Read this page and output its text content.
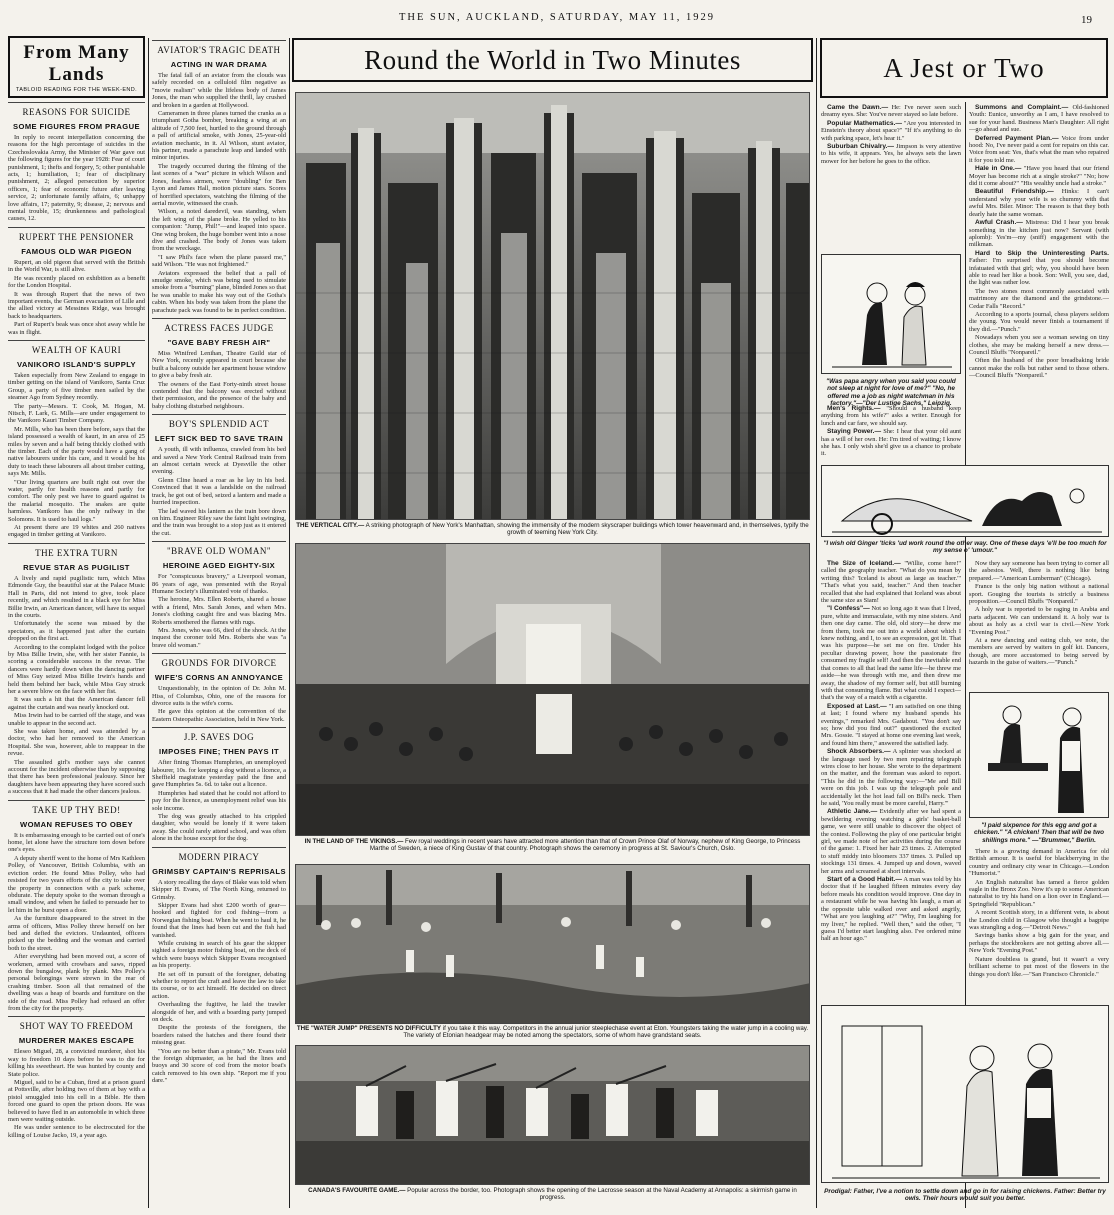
THE SUN, AUCKLAND, SATURDAY, MAY 11, 1929	19
From Many Lands
TABLOID READING FOR THE WEEK-END.
REASONS FOR SUICIDE
SOME FIGURES FROM PRAGUE

In reply to recent interpellation concerning the reasons for the high percentage of suicides in the Czechoslovakia Army, the Minister of War gave out the following figures for the year 1928: Fear of court punishment, 1; thefts and forgery, 5; other punishable acts, 1; humiliation, 1; fear of disciplinary punishment, 2; alleged persecution by superior officers, 1; fear of economic future after leaving service, 2; unfortunate family affairs, 6; unhappy love affairs, 17; paternity, 9; disease, 2; nervous and mental trouble, 15; drunkenness and pathological causes, 12.

RUPERT THE PENSIONER
FAMOUS OLD WAR PIGEON

Rupert, an old pigeon that served with the British in the World War, is still alive.

He was recently placed on exhibition as a benefit for the London Hospital.

It was through Rupert that the news of two important events, the German evacuation of Lille and the allied victory at Messines Ridge, was brought back to headquarters.

Part of Rupert's beak was once shot away while he was in flight.

WEALTH OF KAURI
VANIKORO ISLAND'S SUPPLY

Taken especially from New Zealand to engage in timber getting on the island of Vanikoro, Santa Cruz Group, a party of five timber men sailed by the steamer Ago from Sydney recently.

The party—Messrs. T. Cook, M. Hogan, M. Nitsch, F. Lark, G. Mills—are under engagement to the Vanikoro Kauri Timber Company.

Mr. Mills, who has been there before, says that the island possessed a wealth of kauri, in an area of 25 miles by seven and a half being thickly clothed with the timber. Each of the party would have a gang of native labourers under his care, and it would be his duty to teach these labourers all about timber cutting, says Mr. Mills.

"Our living quarters are built right out over the water, partly for health reasons and partly for comfort. The only pest we have to guard against is the malarial mosquito. The snakes are quite harmless. Vanikoro has the only railway in the Solomons. It is used to haul logs."

At present there are 19 whites and 260 natives engaged in timber getting at Vanikoro.

THE EXTRA TURN
REVUE STAR AS PUGILIST

A lively and rapid pugilistic turn, which Miss Edmonde Guy, the beautiful star at the Palace Music Hall in Paris, did not intend to give, took place recently, and which resulted in a black eye for Miss Billie Irwin, an American dancer, will have its sequel in the courts.

Unfortunately the scene was missed by the spectators, as it happened just after the curtain dropped on the first act.

According to the complaint lodged with the police by Miss Billie Irwin, she, with her sister Fannie, is scoring a considerable success in the revue. The dancers were hardly down when the dancing partner of Miss Guy seized Miss Billie Irwin's hands and held them behind her back, while Miss Guy struck her a severe blow on the face with her fist.

It was such a hit that the American dancer fell against the curtain and was nearly knocked out.

Miss Irwin had to be carried off the stage, and was unable to appear in the second act.

She was taken home, and was attended by a doctor, who had her removed to the American Hospital. She was, however, able to reappear in the revue.

The assaulted girl's mother says she cannot account for the incident otherwise than by supposing that there has been professional jealousy. Since her daughters have been appearing they have scored such a success that it had made the other dancers jealous.

TAKE UP THY BED!
WOMAN REFUSES TO OBEY

It is embarrassing enough to be carried out of one's home, let alone have the structure torn down before one's eyes.

A deputy sheriff went to the home of Mrs Kathleen Polley, of Vancouver, British Columbia, with an eviction order. He found Miss Polley, who had resisted for two years efforts of the city to take over the property in connection with a park scheme, obdurate. The deputy spoke to the woman through a small window, and when he failed to persuade her to let him in he burst open a door.

As the furniture disappeared to the street in the arms of officers, Miss Polley threw herself on her bed and defied the evictors. Undaunted, officers picked up the bedding and the woman and carried both to the street.

After everything had been moved out, a score of workmen, armed with crowbars and saws, ripped down the bungalow, plank by plank. Mrs Polley's personal belongings were strewn in the rear of crashing timber. Soon all that remained of the dwelling was a heap of boards and furniture on the side of the road. Miss Polley had refused an offer from the city for the property.

SHOT WAY TO FREEDOM
MURDERER MAKES ESCAPE

Eleseo Miguel, 28, a convicted murderer, shot his way to freedom 10 days before he was to die for killing his sweetheart. He was hunted by county and State police.

Miguel, said to be a Cuban, fired at a prison guard at Pottsville, after holding two of them at bay with a pistol smuggled into his cell in a Bible. He then forced one guard to open the prison doors. He was believed to have fled in an automobile in which three men were waiting outside.

He was under sentence to be electrocuted for the killing of Louise Jacko, 19, a year ago.

AVIATOR'S TRAGIC DEATH
ACTING IN WAR DRAMA

The fatal fall of an aviator from the clouds was safely recorded on a celluloid film negative as "movie realism" while the lifeless body of James Jones, the man who supplied the thrill, lay crushed and broken in a garden at Hollywood.

Cameramen in three planes turned the cranks as a triumphant Gotha bomber, breaking a wing at an altitude of 7,500 feet, hurtled to the ground through a pall of artificial smoke, with Jones, 25-year-old aviation mechanic, in it. Al Wilson, stunt aviator, his partner, made a parachute leap and landed with minor injuries.

The tragedy occurred during the filming of the last scenes of a "war" picture in which Wilson and Jones, fearless airmen, were "doubling" for Ben Lyon and James Hall, motion picture stars. Scores of horrified spectators, watching the filming of the aerial movie, witnessed the crash.

Wilson, a noted daredevil, was standing, when the left wing of the plane broke. He yelled to his companion: "Jump, Phil!"—and leaped into space. One wing broken, the huge bomber went into a nose dive and crashed. The body of Jones was taken from the wreckage.

"I saw Phil's face when the plane passed me," said Wilson. "He was not frightened."

Aviators expressed the belief that a pall of smudge smoke, which was being used to simulate smoke from a "burning" plane, blinded Jones so that he was unable to make his way out of the Gotha's cabin. When his body was taken from the plane the parachute pack was found to be in perfect condition.

ACTRESS FACES JUDGE
"GAVE BABY FRESH AIR"

Miss Winifred Lenihan, Theatre Guild star of New York, recently appeared in court because she built a balcony outside her apartment house window to give a baby fresh air.

The owners of the East Forty-ninth street house contended that the balcony was erected without their permission, and the presence of the baby and baby clothing disturbed neighbours.

BOY'S SPLENDID ACT
LEFT SICK BED TO SAVE TRAIN

A youth, ill with influenza, crawled from his bed and saved a New York Central Railroad train from an almost certain wreck at Dyesville the other evening.

Glenn Cline heard a roar as he lay in his bed. Convinced that it was a landslide on the railroad track, he got out of bed, seized a lantern and made a hurried inspection.

The lad waved his lantern as the train bore down on him. Engineer Riley saw the faint light swinging, and the train was brought to a stop just as it entered the cut.

"BRAVE OLD WOMAN"
HEROINE AGED EIGHTY-SIX

For "conspicuous bravery," a Liverpool woman, 86 years of age, was presented with the Royal Humane Society's illuminated vote of thanks.

The heroine, Mrs. Ellen Roberts, shared a house with a friend, Mrs. Sarah Jones, and when Mrs. Jones's clothing caught fire and was blazing Mrs. Roberts smothered the flames with rugs.

Mrs. Jones, who was 66, died of the shock. At the inquest the coroner told Mrs. Roberts she was "a brave old woman."

GROUNDS FOR DIVORCE
WIFE'S CORNS AN ANNOYANCE

Unquestionably, in the opinion of Dr. John M. Hiss, of Columbus, Ohio, one of the reasons for divorce suits is the wife's corns.

He gave this opinion at the convention of the Eastern Osteopathic Association, held in New York.

J.P. SAVES DOG
IMPOSES FINE; THEN PAYS IT

After fining Thomas Humphries, an unemployed labourer, 10s. for keeping a dog without a licence, a Sheffield magistrate yesterday paid the fine and gave Humphries 5s. 6d. to take out a licence.

Humphries had stated that he could not afford to pay for the licence, as unemployment relief was his sole income.

The dog was greatly attached to his crippled daughter, who would be lonely if it were taken away. She could rarely attend school, and was often alone in the house except for the dog.

MODERN PIRACY
GRIMSBY CAPTAIN'S REPRISALS

A story recalling the days of Blake was told when Skipper H. Evans, of The North King, returned to Grimsby.

Skipper Evans had shot £200 worth of gear—hooked and fighted for cod fishing—from a Norwegian fishing boat. When he went to haul it, he found that the lines had been cut and the fish had vanished.

While cruising in search of his gear the skipper sighted a foreign motor fishing boat, on the deck of which were buoys which Skipper Evans recognised as his property.

He set off in pursuit of the foreigner, debating whether to report the craft and leave the law to take its course, or to act himself. He decided on direct action.

Overhauling the fugitive, he laid the trawler alongside of her, and with a boarding party jumped on deck.

Despite the protests of the foreigners, the boarders raised the hatches and there found their missing gear.

"You are no better than a pirate," Mr. Evans told the foreign shipmaster, as he had the lines and buoys and 30 score of cod from the motor boat's catch removed to his own ship. "Report me if you dare."

Round the World in Two Minutes
THE VERTICAL CITY.— A striking photograph of New York's Manhattan, showing the immensity of the modern skyscraper buildings which tower heavenward and, in themselves, typify the growth of teeming New York City.
IN THE LAND OF THE VIKINGS.— Few royal weddings in recent years have attracted more attention than that of Crown Prince Olaf of Norway, nephew of King George, to Princess Marthe of Sweden, a niece of King Gustav of that country. Photograph shows the ceremony in progress at St. Saviour's Church, Oslo.
THE "WATER JUMP" PRESENTS NO DIFFICULTY if you take it this way. Competitors in the annual junior steeplechase event at Eton. Youngsters taking the water jump in a cooling way. The variety of Etonian headgear may be noted among the spectators, some of whom have grandstand seats.
CANADA'S FAVOURITE GAME.— Popular across the border, too. Photograph shows the opening of the Lacrosse season at the Naval Academy at Annapolis: a skirmish game in progress.
A Jest or Two

Came the Dawn.— He: I've never seen such dreamy eyes. She: You've never stayed so late before.

Popular Mathematics.— "Are you interested in Einstein's theory about space?" "If it's anything to do with parking space, let's hear it."

Suburban Chivalry.— Jimpson is very attentive to his wife, it appears. Yes, he always sets the lawn mower for her before he goes to the office.

"Was papa angry when you said you could not sleep at night for love of me?" "No, he offered me a job as night watchman in his factory."—"Der Lustige Sachs," Leipzig.

Men's Rights.— "Should a husband keep anything from his wife?" asks a writer. Enough for lunch and car fare, we should say.

Staying Power.— She: I hear that your old aunt has a will of her own. He: I'm tired of waiting; I know she has. I only wish she'd give us a chance to probate it.

Summons and Complaint.— Old-fashioned Youth: Eunice, unworthy as I am, I have resolved to sue for your hand. Business Man's Daughter: All right—go ahead and sue.

Deferred Payment Plan.— Voice from under hood: No, I've never paid a cent for repairs on this car. Voice from seat: Yes, that's what the man who repaired it for you told me.

Hale in One.— "Have you heard that our friend Moyer has become rich at a single stroke?" "No; how did it come about?" "His wealthy uncle had a stroke."

Beautiful Friendship.— Hinks: I can't understand why your wife is so chummy with that awful Mrs. Biler. Minor: The reason is that they both dearly hate the same woman.

Awful Crash.— Mistress: Did I hear you break something in the kitchen just now? Servant (with aplomb): Yes'm—my (sniff) engagement with the milkman.

Hard to Skip the Uninteresting Parts. Father: I'm surprised that you should become infatuated with that girl; why, you should have been able to read her like a book. Son: Well, you see, dad, the light was rather low.

The two stones most commonly associated with matrimony are the diamond and the grindstone.—Cedar Falls "Record."

According to a sports journal, chess players seldom die young. You would never finish a tournament if they did.—"Punch."

Nowadays when you see a woman sewing on tiny clothes, she may be making herself a new dress.—Council Bluffs "Nonpareil."

Often the husband of the poor breadbaking bride cannot make the rolls but rather send to those others.—Council Bluffs "Nonpareil."

"I wish old Ginger 'ticks 'ud work round the other way. One of these days 'e'll be too much for my sense o' 'umour."

The Size of Iceland.— "Willie, come here!" called the geography teacher. "What do you mean by writing this? 'Iceland is about as large as teacher.'" "That's what you said, teacher." And then teacher recalled that she had explained that Iceland was about the same size as Siam!

"I Confess"— Not so long ago it was that I lived, pure, white and immaculate, with my nine sisters. And then one day came. The old, old story—he drew me from them, took me out into a world about which I knew nothing, and I, to see an expression, got lit. That was his purpose—he set me on fire. Under his peculiar drawing power, how the passionate fire consumed my fragile self! And then the inevitable end that comes to all that lead the same life—he threw me aside—he was through with me, and then drew me away, the shadow of my former self, but still burning with that consuming flame. But what could I expect—that's the way of a match with a cigarette.

Exposed at Last.— "I am satisfied on one thing at last; I found where my husband spends his evenings," remarked Mrs. Gadabout. "You don't say so; how did you find out?" questioned the excited Mrs. Gossie. "I stayed at home one evening last week, and found him there," answered the satisfied lady.

Shock Absorbers.— A splinter was shocked at the language used by two men repairing telegraph wires close to her house. She wrote to the department on the matter, and the foreman was asked to report. "This he did in the following way:—"Me and Bill were on this job. I was up the telegraph pole and accidentally let the hot lead fall on Bill's neck. Then he said, 'You really must be more careful, Harry.'"

Athletic Jane.— Evidently after we had spent a bewildering evening watching a girls' basket-ball game, we were still unable to discover the object of the contest. Following the play of one particular bright girl, we made note of her activities during the course of the game: 1. Fixed her hair 23 times. 2. Attempted to stuff middy into bloomers 337 times. 3. Pulled up stockings 131 times. 4. Jumped up and down, waved her arms and screamed at short intervals.

Start of a Good Habit.— A man was told by his doctor that if he laughed fifteen minutes every day before meals his condition would improve. One day in a restaurant while he was having his laugh, a man at the opposite table walked over and asked angrily, "What are you laughing at?" "Why, I'm laughing for my liver," he replied. "Well then," said the other, "I guess I'd better start laughing also. I've ordered mine half an hour ago."

Now they say someone has been trying to corner all the asbestos. Well, there is nothing like being prepared.—"American Lumberman" (Chicago).

France is the only big nation without a national sport. Gouging the tourists is strictly a business proposition.—Council Bluffs "Nonpareil."

A holy war is reported to be raging in Arabia and parts adjacent. We can understand it. A holy war is about as holy as a civil war is civil.—New York "Evening Post."

At a new dancing and eating club, we note, the members are served by waiters in golf kit. Dancers, though, are more accustomed to being served by hazards in the guise of waiters.—"Punch."

"I paid sixpence for this egg and got a chicken." "A chicken! Then that will be two shillings more." —"Brummer," Berlin.

There is a growing demand in America for old British armour. It is useful for blackberrying in the country and ordinary city wear in Chicago.—London "Humorist."

An English naturalist has tamed a fierce golden eagle in the Bronx Zoo. Now it's up to some American naturalist to try his hand on a lion over in England.—Springfield "Republican."

A recent Scottish story, in a different vein, is about the London child in Glasgow who thought a bagpipe was strangling a dog.—"Detroit News."

Savings banks show a big gain for the year, and perhaps the stockbrokers are not getting above all.—New York "Evening Post."

Nature doubtless is grand, but it wasn't a very brilliant scheme to put most of the flowers in the things you don't like.—"San Francisco Chronicle."

Prodigal: Father, I've a notion to settle down and go in for raising chickens. Father: Better try owls. Their hours would suit you better.
